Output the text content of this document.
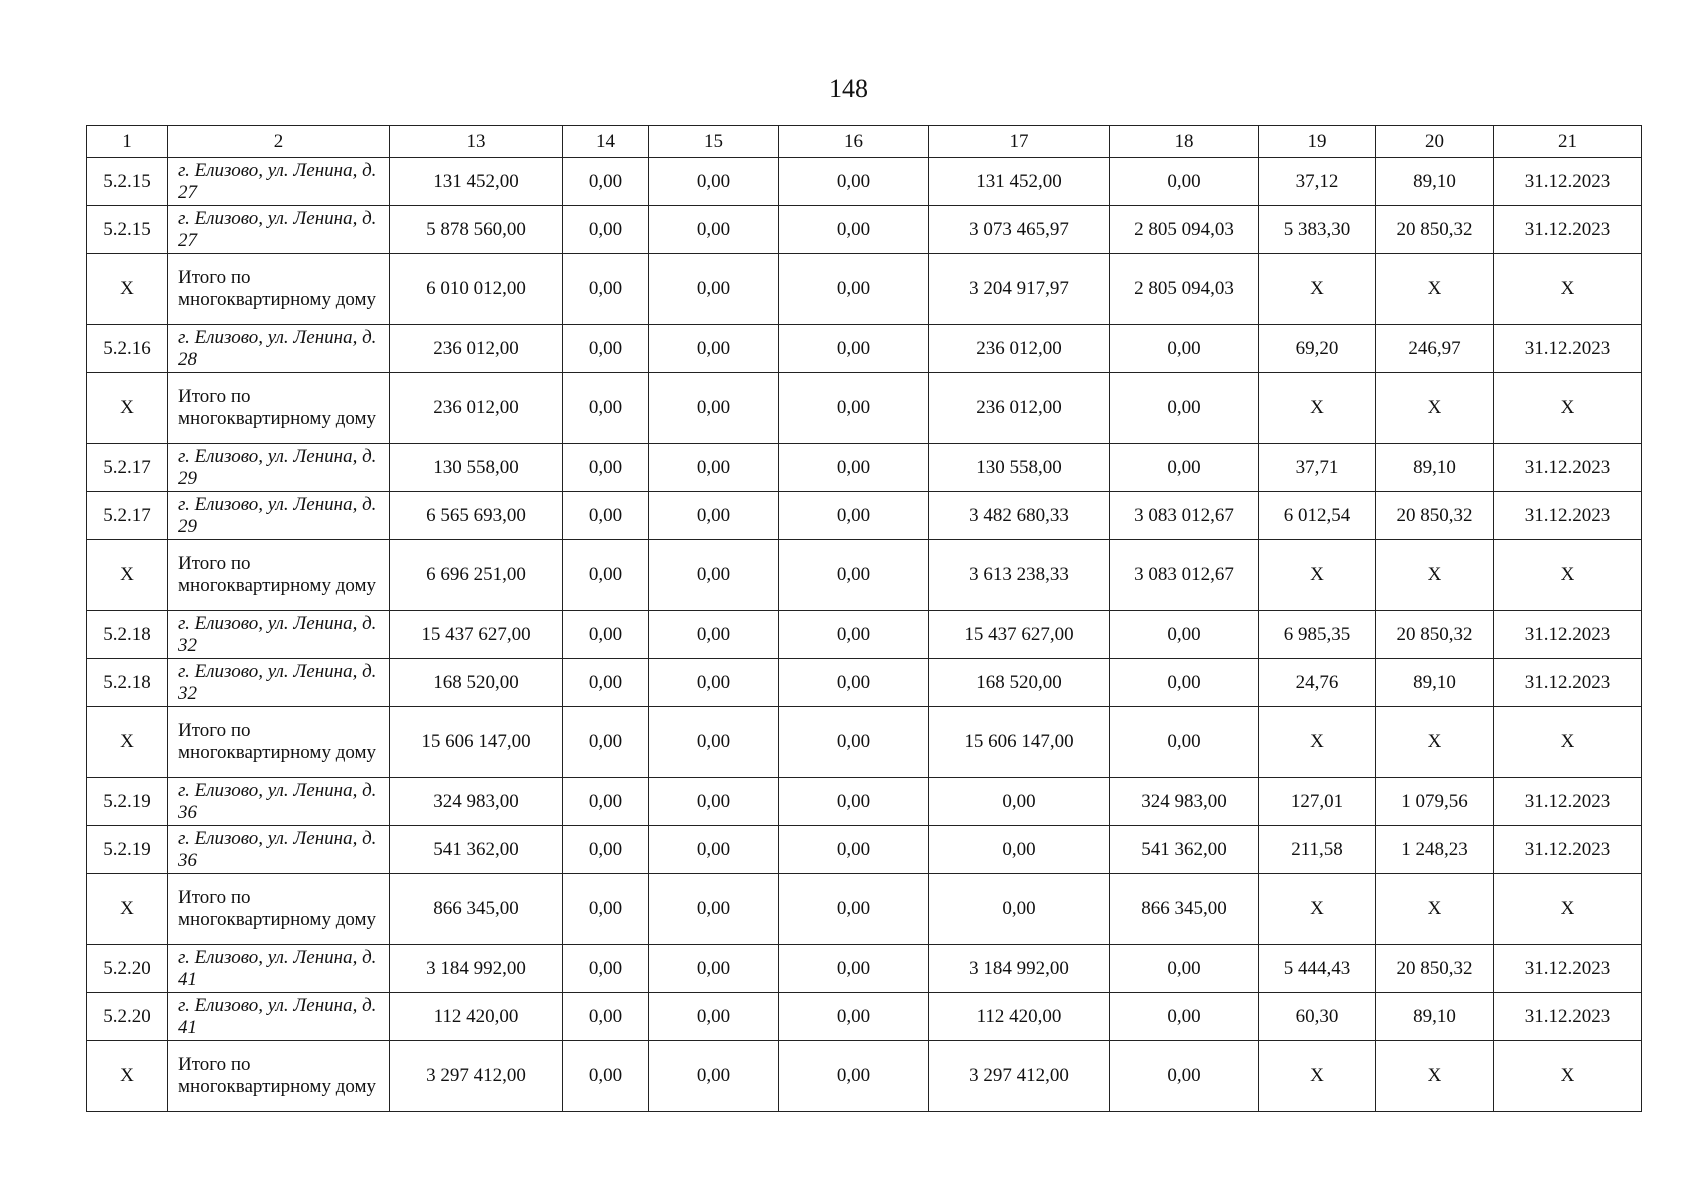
148
1	2	13	14	15	16	17	18	19	20	21
5.2.15	г. Елизово, ул. Ленина, д. 27	131 452,00	0,00	0,00	0,00	131 452,00	0,00	37,12	89,10	31.12.2023
5.2.15	г. Елизово, ул. Ленина, д. 27	5 878 560,00	0,00	0,00	0,00	3 073 465,97	2 805 094,03	5 383,30	20 850,32	31.12.2023
X	Итого по многоквартирному дому	6 010 012,00	0,00	0,00	0,00	3 204 917,97	2 805 094,03	X	X	X
5.2.16	г. Елизово, ул. Ленина, д. 28	236 012,00	0,00	0,00	0,00	236 012,00	0,00	69,20	246,97	31.12.2023
X	Итого по многоквартирному дому	236 012,00	0,00	0,00	0,00	236 012,00	0,00	X	X	X
5.2.17	г. Елизово, ул. Ленина, д. 29	130 558,00	0,00	0,00	0,00	130 558,00	0,00	37,71	89,10	31.12.2023
5.2.17	г. Елизово, ул. Ленина, д. 29	6 565 693,00	0,00	0,00	0,00	3 482 680,33	3 083 012,67	6 012,54	20 850,32	31.12.2023
X	Итого по многоквартирному дому	6 696 251,00	0,00	0,00	0,00	3 613 238,33	3 083 012,67	X	X	X
5.2.18	г. Елизово, ул. Ленина, д. 32	15 437 627,00	0,00	0,00	0,00	15 437 627,00	0,00	6 985,35	20 850,32	31.12.2023
5.2.18	г. Елизово, ул. Ленина, д. 32	168 520,00	0,00	0,00	0,00	168 520,00	0,00	24,76	89,10	31.12.2023
X	Итого по многоквартирному дому	15 606 147,00	0,00	0,00	0,00	15 606 147,00	0,00	X	X	X
5.2.19	г. Елизово, ул. Ленина, д. 36	324 983,00	0,00	0,00	0,00	0,00	324 983,00	127,01	1 079,56	31.12.2023
5.2.19	г. Елизово, ул. Ленина, д. 36	541 362,00	0,00	0,00	0,00	0,00	541 362,00	211,58	1 248,23	31.12.2023
X	Итого по многоквартирному дому	866 345,00	0,00	0,00	0,00	0,00	866 345,00	X	X	X
5.2.20	г. Елизово, ул. Ленина, д. 41	3 184 992,00	0,00	0,00	0,00	3 184 992,00	0,00	5 444,43	20 850,32	31.12.2023
5.2.20	г. Елизово, ул. Ленина, д. 41	112 420,00	0,00	0,00	0,00	112 420,00	0,00	60,30	89,10	31.12.2023
X	Итого по многоквартирному дому	3 297 412,00	0,00	0,00	0,00	3 297 412,00	0,00	X	X	X
